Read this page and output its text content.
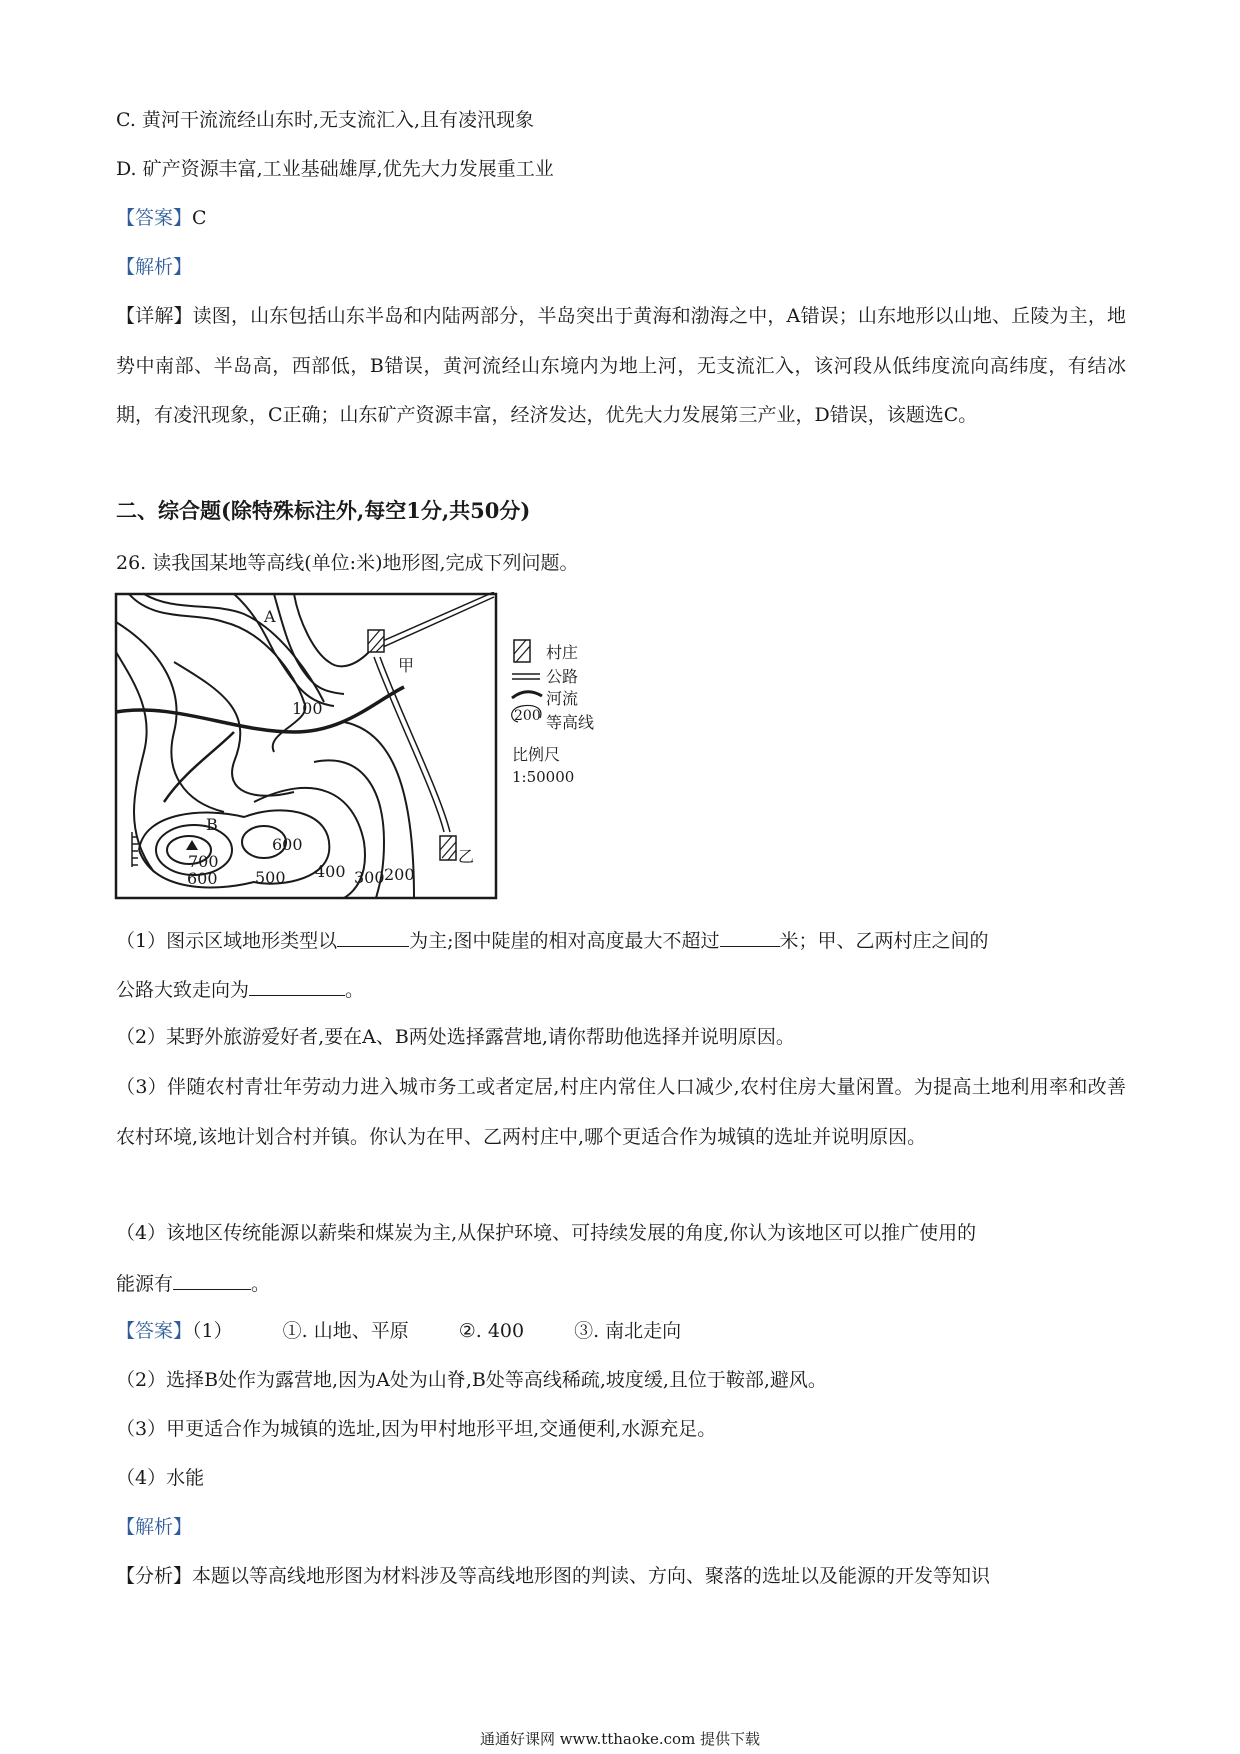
C. 黄河干流流经山东时,无支流汇入,且有凌汛现象
D. 矿产资源丰富,工业基础雄厚,优先大力发展重工业
【答案】C
【解析】
【详解】读图，山东包括山东半岛和内陆两部分，半岛突出于黄海和渤海之中，A错误；山东地形以山地、丘陵为主，地势中南部、半岛高，西部低，B错误，黄河流经山东境内为地上河，无支流汇入，该河段从低纬度流向高纬度，有结冰期，有凌汛现象，C正确；山东矿产资源丰富，经济发达，优先大力发展第三产业，D错误，该题选C。
二、综合题(除特殊标注外,每空1分,共50分)
26. 读我国某地等高线(单位:米)地形图,完成下列问题。
A
B
甲
乙
100
600
700
600 500 400 300 200
村庄
公路
河流
200 等高线
比例尺
1:50000
（1）图示区域地形类型以	为主;图中陡崖的相对高度最大不超过	米；甲、乙两村庄之间的
公路大致走向为	。
（2）某野外旅游爱好者,要在A、B两处选择露营地,请你帮助他选择并说明原因。
（3）伴随农村青壮年劳动力进入城市务工或者定居,村庄内常住人口减少,农村住房大量闲置。为提高土地利用率和改善农村环境,该地计划合村并镇。你认为在甲、乙两村庄中,哪个更适合作为城镇的选址并说明原因。
（4）该地区传统能源以薪柴和煤炭为主,从保护环境、可持续发展的角度,你认为该地区可以推广使用的
能源有	。
【答案】（1）	①. 山地、平原	②. 400	③. 南北走向
（2）选择B处作为露营地,因为A处为山脊,B处等高线稀疏,坡度缓,且位于鞍部,避风。
（3）甲更适合作为城镇的选址,因为甲村地形平坦,交通便利,水源充足。
（4）水能
【解析】
【分析】本题以等高线地形图为材料涉及等高线地形图的判读、方向、聚落的选址以及能源的开发等知识
通通好课网 www.tthaoke.com 提供下载
